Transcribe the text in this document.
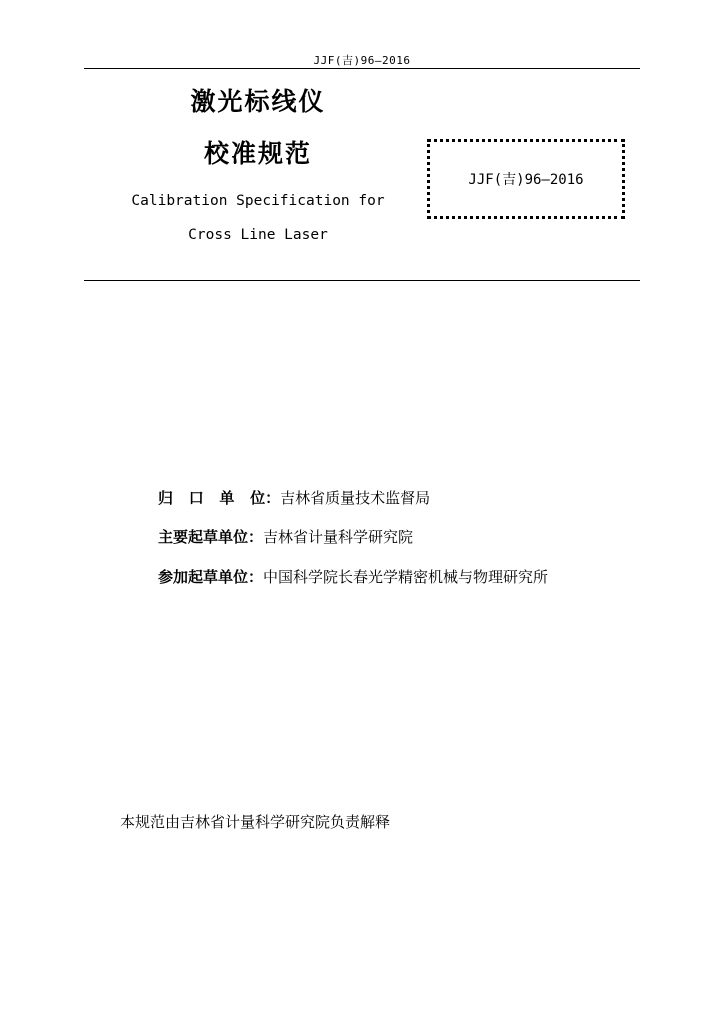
JJF(吉)96—2016
激光标线仪
校准规范
Calibration Specification for
Cross Line Laser
JJF(吉)96—2016
归 口 单 位：吉林省质量技术监督局
主要起草单位：吉林省计量科学研究院
参加起草单位：中国科学院长春光学精密机械与物理研究所
本规范由吉林省计量科学研究院负责解释
